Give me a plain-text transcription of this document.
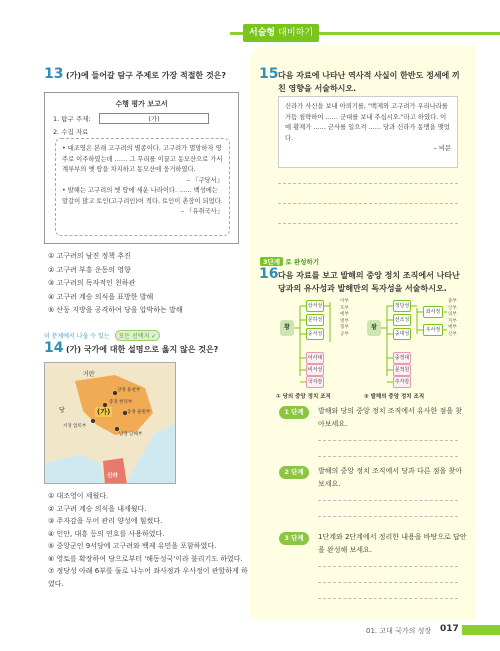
서술형 대비하기
13 (가)에 들어갈 탐구 주제로 가장 적절한 것은?
수행 평가 보고서
1. 탐구 주제:	(가)
2. 수집 자료
• 대조영은 본래 고구려의 별종이다. 고구려가 멸망하자 영주로 이주하였는데 …… 그 무리를 이끌고 동모산으로 가서 계루부의 옛 땅을 차지하고 동모산에 웅거하였다.
– 『구당서』
• 발해는 고구려의 옛 땅에 세운 나라이다. …… 백성에는 말갈이 많고 토인(고구려인)이 적다. 토인이 촌장이 되었다.
– 『유취국사』
① 고구려의 남진 정책 추진
② 고구려 부흥 운동의 영향
③ 고구려의 독자적인 천하관
④ 고구려 계승 의식을 표방한 발해
⑤ 산둥 지방을 공격하여 당을 압박하는 발해
이 문제에서 나올 수 있는 모든 선택지 ✓
14 (가) 국가에 대한 설명으로 옳지 않은 것은?
거란
(가)
상경 용천부
중경 현덕부
동경 용원부
서경 압록부
남경 남해부
당
신라
① 대조영이 세웠다.
② 고구려 계승 의식을 내세웠다.
③ 주자감을 두어 관리 양성에 힘썼다.
④ 인안, 대흥 등의 연호를 사용하였다.
⑤ 중앙군인 9서당에 고구려와 백제 유민을 포함하였다.
⑥ 영토를 확장하여 당으로부터 '해동성국'이라 불리기도 하였다.
⑦ 정당성 아래 6부를 둘로 나누어 좌사정과 우사정이 관할하게 하였다.
15 다음 자료에 나타난 역사적 사실이 한반도 정세에 끼친 영향을 서술하시오.
신라가 사신을 보내 아뢰기를, "백제와 고구려가 우리나라를 거듭 침략하여 …… 군대를 보내 주십시오."라고 하였다. 이에 황제가 …… 군사를 일으켜 …… 당과 신라가 동맹을 맺었다.
– 비문
3단계 로 완성하기
16 다음 자료를 보고 발해의 중앙 정치 조직에서 나타난 당과의 유사성과 발해만의 독자성을 서술하시오.
황
상서성
문하성
중서성
이부
호부
예부
병부
형부
공부
어사대
비서성
국자감
① 당의 중앙 정치 조직
왕
정당성
선조성
중대성
좌사정
우사정
충부
인부
의부
지부
예부
신부
중정대
문적원
주자감
② 발해의 중앙 정치 조직
1 단계	발해와 당의 중앙 정치 조직에서 유사한 점을 찾아보세요.
2 단계	발해의 중앙 정치 조직에서 당과 다른 점을 찾아보세요.
3 단계	1단계와 2단계에서 정리한 내용을 바탕으로 답안을 완성해 보세요.
01. 고대 국가의 성장 017
